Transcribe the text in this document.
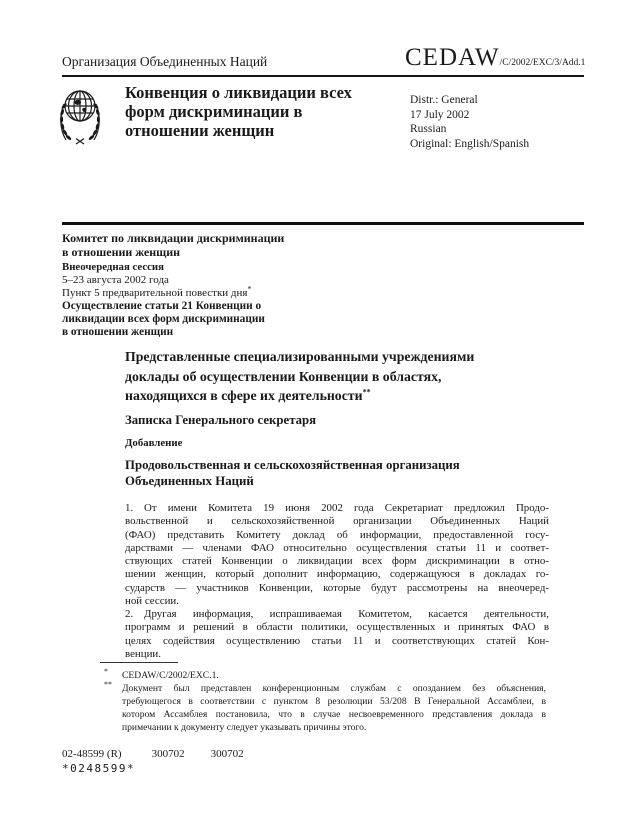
Организация Объединенных Наций	CEDAW/C/2002/EXC/3/Add.1
Конвенция о ликвидации всех
форм дискриминации в
отношении женщин
Distr.: General
17 July 2002
Russian
Original: English/Spanish
Комитет по ликвидации дискриминации
в отношении женщин
Внеочередная сессия
5–23 августа 2002 года
Пункт 5 предварительной повестки дня*
Осуществление статьи 21 Конвенции о
ликвидации всех форм дискриминации
в отношении женщин
Представленные специализированными учреждениями
доклады об осуществлении Конвенции в областях,
находящихся в сфере их деятельности**
Записка Генерального секретаря
Добавление
Продовольственная и сельскохозяйственная организация
Объединенных Наций
1.  От имени Комитета 19 июня 2002 года Секретариат предложил Продо-
вольственной и сельскохозяйственной организации Объединенных Наций
(ФАО) представить Комитету доклад об информации, предоставленной госу-
дарствами — членами ФАО относительно осуществления статьи 11 и соответ-
ствующих статей Конвенции о ликвидации всех форм дискриминации в отно-
шении женщин, который дополнит информацию, содержащуюся в докладах го-
сударств — участников Конвенции, которые будут рассмотрены на внеочеред-
ной сессии.
2.  Другая информация, испрашиваемая Комитетом, касается деятельности,
программ и решений в области политики, осуществленных и принятых ФАО в
целях содействия осуществлению статьи 11 и соответствующих статей Кон-
венции.
*	CEDAW/C/2002/EXC.1.
**	Документ был представлен конференционным службам с опозданием без объяснения,
требующегося в соответствии с пунктом 8 резолюции 53/208 B Генеральной Ассамблеи, в
котором Ассамблея постановила, что в случае несвоевременного представления доклада в
примечании к документу следует указывать причины этого.
02-48599 (R)	300702 300702
*0248599*
